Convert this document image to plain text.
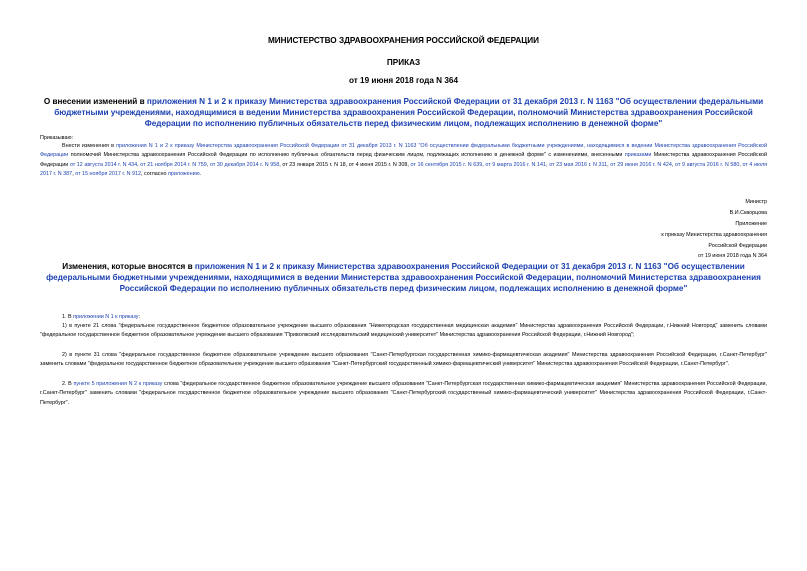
МИНИСТЕРСТВО ЗДРАВООХРАНЕНИЯ РОССИЙСКОЙ ФЕДЕРАЦИИ
ПРИКАЗ
от 19 июня 2018 года N 364
О внесении изменений в приложения N 1 и 2 к приказу Министерства здравоохранения Российской Федерации от 31 декабря 2013 г. N 1163 "Об осуществлении федеральными бюджетными учреждениями, находящимися в ведении Министерства здравоохранения Российской Федерации, полномочий Министерства здравоохранения Российской Федерации по исполнению публичных обязательств перед физическим лицом, подлежащих исполнению в денежной форме"
Приказываю:
Внести изменения в приложения N 1 и 2 к приказу Министерства здравоохранения Российской Федерации от 31 декабря 2013 г. N 1163 "Об осуществлении федеральными бюджетными учреждениями, находящимися в ведении Министерства здравоохранения Российской Федерации полномочий Министерства здравоохранения Российской Федерации по исполнению публичных обязательств перед физическим лицом, подлежащих исполнению в денежной форме" с изменениями, внесенными приказами Министерства здравоохранения Российской Федерации от 12 августа 2014 г. N 434, от 21 ноября 2014 г. N 759, от 30 декабря 2014 г. N 958, от 23 января 2015 г. N 18, от 4 июня 2015 г. N 308, от 16 сентября 2015 г. N 639, от 9 марта 2016 г. N 141, от 23 мая 2016 г. N 311, от 29 июня 2016 г. N 424, от 9 августа 2016 г. N 580, от 4 июля 2017 г. N 387, от 15 ноября 2017 г. N 912, согласно приложению.
Министр
В.И.Скворцова
Приложение
к приказу Министерства здравоохранения
Российской Федерации
от 19 июня 2018 года N 364
Изменения, которые вносятся в приложения N 1 и 2 к приказу Министерства здравоохранения Российской Федерации от 31 декабря 2013 г. N 1163 "Об осуществлении федеральными бюджетными учреждениями, находящимися в ведении Министерства здравоохранения Российской Федерации, полномочий Министерства здравоохранения Российской Федерации по исполнению публичных обязательств перед физическим лицом, подлежащих исполнению в денежной форме"
1. В приложении N 1 к приказу:
1) в пункте 21 слова "федеральное государственное бюджетное образовательное учреждение высшего образования "Нижегородская государственная медицинская академия" Министерства здравоохранения Российской Федерации, г.Нижний Новгород" заменить словами "федеральное государственное бюджетное образовательное учреждение высшего образования "Приволжский исследовательский медицинский университет" Министерства здравоохранения Российской Федерации, г.Нижний Новгород";
2) в пункте 31 слова "федеральное государственное бюджетное образовательное учреждение высшего образования "Санкт-Петербургская государственная химико-фармацевтическая академия" Министерства здравоохранения Российской Федерации, г.Санкт-Петербург" заменить словами "федеральное государственное бюджетное образовательное учреждение высшего образования "Санкт-Петербургский государственный химико-фармацевтический университет" Министерства здравоохранения Российской Федерации, г.Санкт-Петербург".
2. В пункте 5 приложения N 2 к приказу слова "федеральное государственное бюджетное образовательное учреждение высшего образования "Санкт-Петербургская государственная химико-фармацевтическая академия" Министерства здравоохранения Российской Федерации, г.Санкт-Петербург" заменить словами "федеральное государственное бюджетное образовательное учреждение высшего образования "Санкт-Петербургский государственный химико-фармацевтический университет" Министерства здравоохранения Российской Федерации, г.Санкт-Петербург".
